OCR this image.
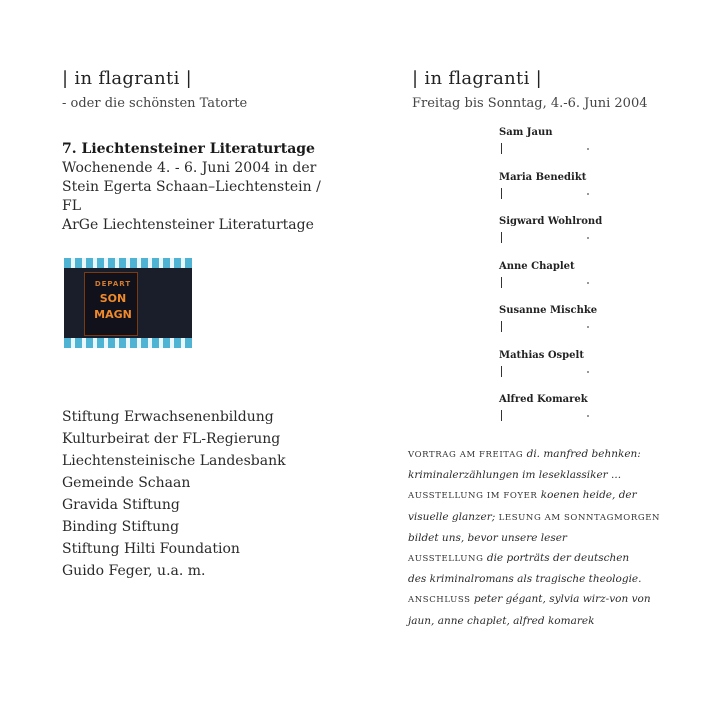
| in flagranti |
- oder die schönsten Tatorte
7. Liechtensteiner Literaturtage
Wochenende 4. - 6. Juni 2004 in der
Stein Egerta Schaan–Liechtenstein / FL
ArGe Liechtensteiner Literaturtage
DEPART
SON
MAGN
Stiftung Erwachsenenbildung
Kulturbeirat der FL-Regierung
Liechtensteinische Landesbank
Gemeinde Schaan
Gravida Stiftung
Binding Stiftung
Stiftung Hilti Foundation
Guido Feger, u.a. m.
| in flagranti |
Freitag bis Sonntag, 4.-6. Juni 2004
Sam Jaun
Maria Benedikt
Sigward Wohlrond
Anne Chaplet
Susanne Mischke
Mathias Ospelt
Alfred Komarek

VORTRAG AM FREITAG di. manfred behnken:
kriminalerzählungen im leseklassiker ...
AUSSTELLUNG IM FOYER koenen heide, der
visuelle glanzer; LESUNG AM SONNTAGMORGEN
bildet uns, bevor unsere leser
AUSSTELLUNG die porträts der deutschen
des kriminalromans als tragische theologie.
ANSCHLUSS peter gégant, sylvia wirz-von von
jaun, anne chaplet, alfred komarek
